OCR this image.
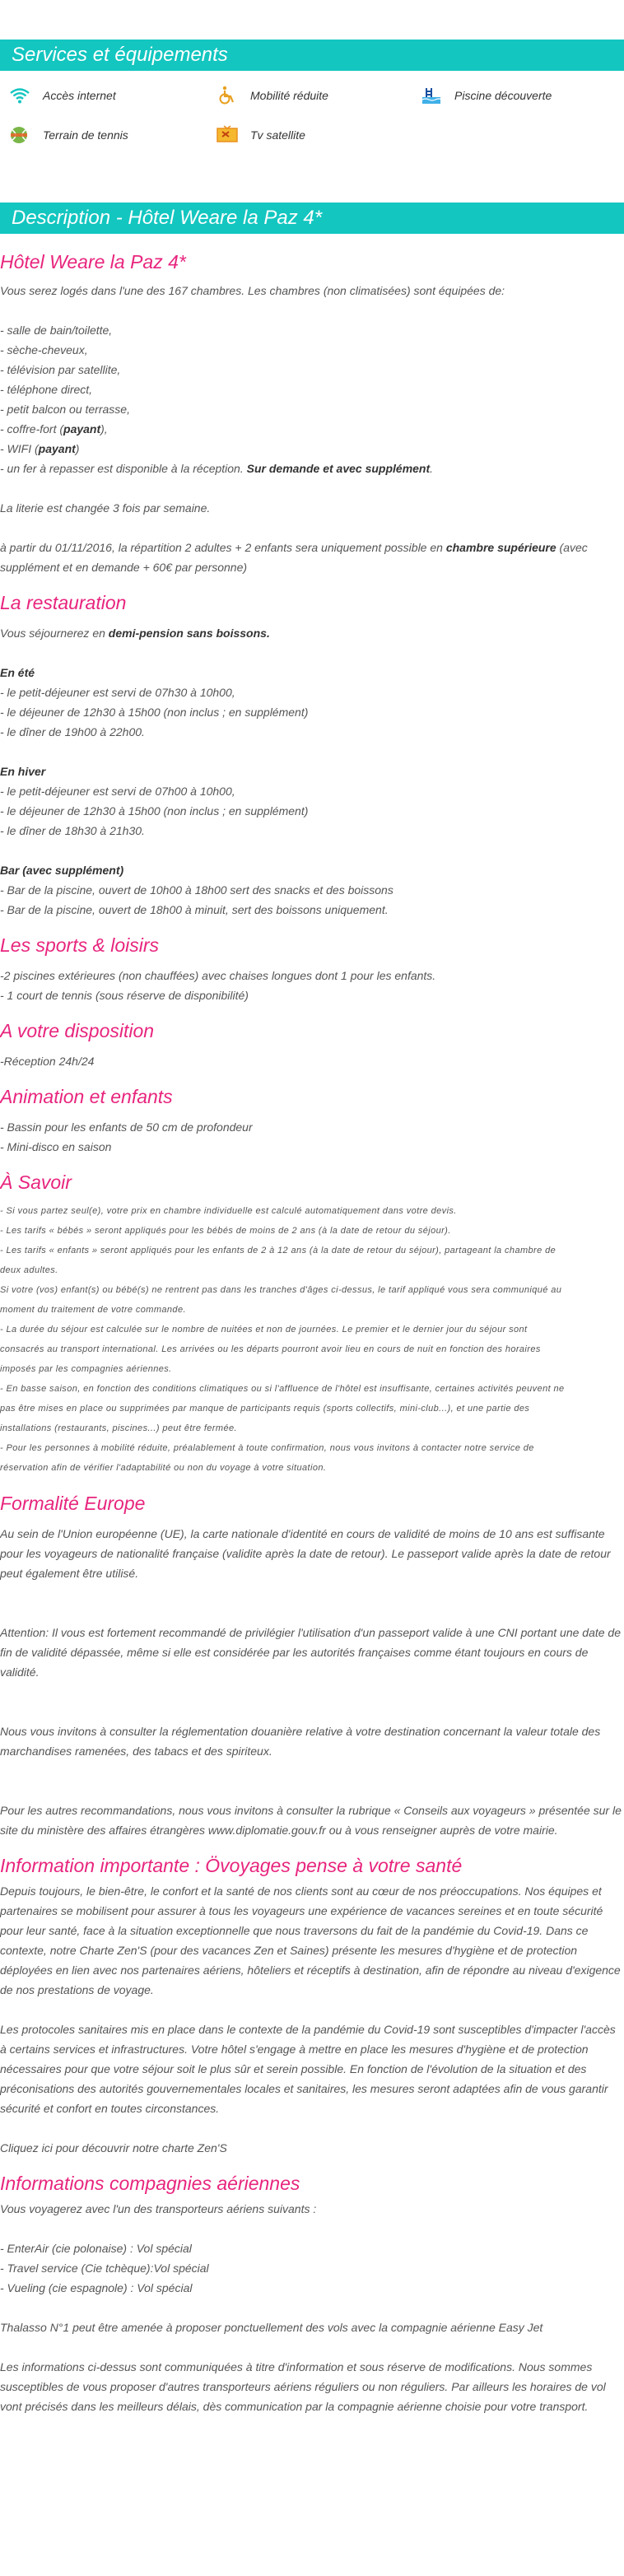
Services et équipements
Accès internet	Mobilité réduite	Piscine découverte
Terrain de tennis	Tv satellite
Description - Hôtel Weare la Paz 4*
Hôtel Weare la Paz 4*

Vous serez logés dans l'une des 167 chambres. Les chambres (non climatisées) sont équipées de:

- salle de bain/toilette,

- sèche-cheveux,

- télévision par satellite,

- téléphone direct,

- petit balcon ou terrasse,

- coffre-fort (payant),

- WIFI (payant)

- un fer à repasser est disponible à la réception. Sur demande et avec supplément.

La literie est changée 3 fois par semaine.

à partir du 01/11/2016, la répartition 2 adultes + 2 enfants sera uniquement possible en chambre supérieure (avec supplément et en demande + 60€ par personne)

La restauration

Vous séjournerez en demi-pension sans boissons.

En été

- le petit-déjeuner est servi de 07h30 à 10h00,

- le déjeuner de 12h30 à 15h00 (non inclus ; en supplément)

- le dîner de 19h00 à 22h00.

En hiver

- le petit-déjeuner est servi de 07h00 à 10h00,

- le déjeuner de 12h30 à 15h00 (non inclus ; en supplément)

- le dîner de 18h30 à 21h30.

Bar (avec supplément)

- Bar de la piscine, ouvert de 10h00 à 18h00 sert des snacks et des boissons

- Bar de la piscine, ouvert de 18h00 à minuit, sert des boissons uniquement.

Les sports & loisirs

-2 piscines extérieures (non chauffées) avec chaises longues dont 1 pour les enfants.

- 1 court de tennis (sous réserve de disponibilité)

A votre disposition

-Réception 24h/24

Animation et enfants

- Bassin pour les enfants de 50 cm de profondeur

- Mini-disco en saison

À Savoir

- Si vous partez seul(e), votre prix en chambre individuelle est calculé automatiquement dans votre devis.

- Les tarifs « bébés » seront appliqués pour les bébés de moins de 2 ans (à la date de retour du séjour).

- Les tarifs « enfants » seront appliqués pour les enfants de 2 à 12 ans (à la date de retour du séjour), partageant la chambre de

deux adultes.

Si votre (vos) enfant(s) ou bébé(s) ne rentrent pas dans les tranches d'âges ci-dessus, le tarif appliqué vous sera communiqué au

moment du traitement de votre commande.

- La durée du séjour est calculée sur le nombre de nuitées et non de journées. Le premier et le dernier jour du séjour sont

consacrés au transport international. Les arrivées ou les départs pourront avoir lieu en cours de nuit en fonction des horaires

imposés par les compagnies aériennes.

- En basse saison, en fonction des conditions climatiques ou si l'affluence de l'hôtel est insuffisante, certaines activités peuvent ne

pas être mises en place ou supprimées par manque de participants requis (sports collectifs, mini-club...), et une partie des

installations (restaurants, piscines...) peut être fermée.

- Pour les personnes à mobilité réduite, préalablement à toute confirmation, nous vous invitons à contacter notre service de

réservation afin de vérifier l'adaptabilité ou non du voyage à votre situation.

Formalité Europe

Au sein de l'Union européenne (UE), la carte nationale d'identité en cours de validité de moins de 10 ans est suffisante pour les voyageurs de nationalité française (validite après la date de retour). Le passeport valide après la date de retour peut également être utilisé.

Attention: Il vous est fortement recommandé de privilégier l'utilisation d'un passeport valide à une CNI portant une date de fin de validité dépassée, même si elle est considérée par les autorités françaises comme étant toujours en cours de validité.

Nous vous invitons à consulter la réglementation douanière relative à votre destination concernant la valeur totale des marchandises ramenées, des tabacs et des spiriteux.

Pour les autres recommandations, nous vous invitons à consulter la rubrique « Conseils aux voyageurs » présentée sur le site du ministère des affaires étrangères www.diplomatie.gouv.fr ou à vous renseigner auprès de votre mairie.

Information importante : Övoyages pense à votre santé

Depuis toujours, le bien-être, le confort et la santé de nos clients sont au cœur de nos préoccupations. Nos équipes et partenaires se mobilisent pour assurer à tous les voyageurs une expérience de vacances sereines et en toute sécurité pour leur santé, face à la situation exceptionnelle que nous traversons du fait de la pandémie du Covid-19. Dans ce contexte, notre Charte Zen'S (pour des vacances Zen et Saines) présente les mesures d'hygiène et de protection déployées en lien avec nos partenaires aériens, hôteliers et réceptifs à destination, afin de répondre au niveau d'exigence de nos prestations de voyage.

Les protocoles sanitaires mis en place dans le contexte de la pandémie du Covid-19 sont susceptibles d'impacter l'accès à certains services et infrastructures. Votre hôtel s'engage à mettre en place les mesures d'hygiène et de protection nécessaires pour que votre séjour soit le plus sûr et serein possible. En fonction de l'évolution de la situation et des préconisations des autorités gouvernementales locales et sanitaires, les mesures seront adaptées afin de vous garantir sécurité et confort en toutes circonstances.

Cliquez ici pour découvrir notre charte Zen'S

Informations compagnies aériennes

Vous voyagerez avec l'un des transporteurs aériens suivants :

- EnterAir (cie polonaise) : Vol spécial

- Travel service (Cie tchèque):Vol spécial

- Vueling (cie espagnole) : Vol spécial

Thalasso N°1 peut être amenée à proposer ponctuellement des vols avec la compagnie aérienne Easy Jet

Les informations ci-dessus sont communiquées à titre d'information et sous réserve de modifications. Nous sommes susceptibles de vous proposer d'autres transporteurs aériens réguliers ou non réguliers. Par ailleurs les horaires de vol vont précisés dans les meilleurs délais, dès communication par la compagnie aérienne choisie pour votre transport.
